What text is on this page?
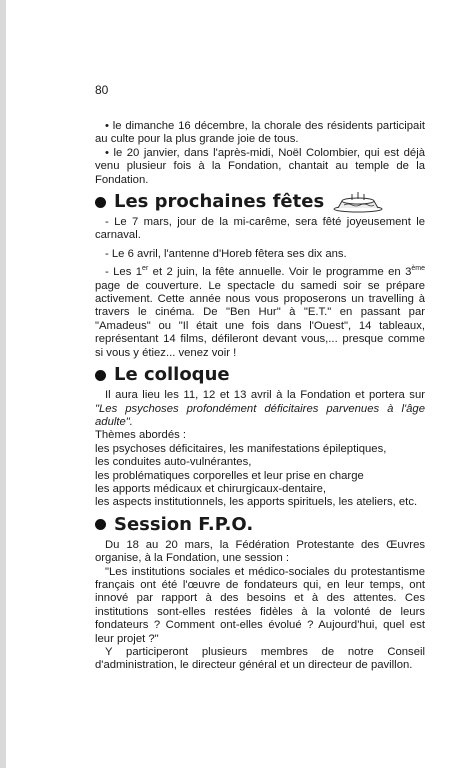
80

• le dimanche 16 décembre, la chorale des résidents participait au culte pour la plus grande joie de tous.

• le 20 janvier, dans l'après-midi, Noël Colombier, qui est déjà venu plusieur fois à la Fondation, chantait au temple de la Fondation.

Les prochaines fêtes

- Le 7 mars, jour de la mi-carême, sera fêté joyeusement le carnaval.

- Le 6 avril, l'antenne d'Horeb fêtera ses dix ans.

- Les 1er et 2 juin, la fête annuelle. Voir le programme en 3ème page de couverture. Le spectacle du samedi soir se prépare activement. Cette année nous vous proposerons un travelling à travers le cinéma. De "Ben Hur" à "E.T." en passant par "Amadeus" ou "Il était une fois dans l'Ouest", 14 tableaux, représentant 14 films, défileront devant vous,... presque comme si vous y étiez... venez voir !

Le colloque

Il aura lieu les 11, 12 et 13 avril à la Fondation et portera sur "Les psychoses profondément déficitaires parvenues à l'âge adulte".

Thèmes abordés :

les psychoses déficitaires, les manifestations épileptiques,

les conduites auto-vulnérantes,

les problématiques corporelles et leur prise en charge

les apports médicaux et chirurgicaux-dentaire,

les aspects institutionnels, les apports spirituels, les ateliers, etc.

Session F.P.O.

Du 18 au 20 mars, la Fédération Protestante des Œuvres organise, à la Fondation, une session :

"Les institutions sociales et médico-sociales du protestantisme français ont été l'œuvre de fondateurs qui, en leur temps, ont innové par rapport à des besoins et à des attentes. Ces institutions sont-elles restées fidèles à la volonté de leurs fondateurs ? Comment ont-elles évolué ? Aujourd'hui, quel est leur projet ?"

Y participeront plusieurs membres de notre Conseil d'administration, le directeur général et un directeur de pavillon.
